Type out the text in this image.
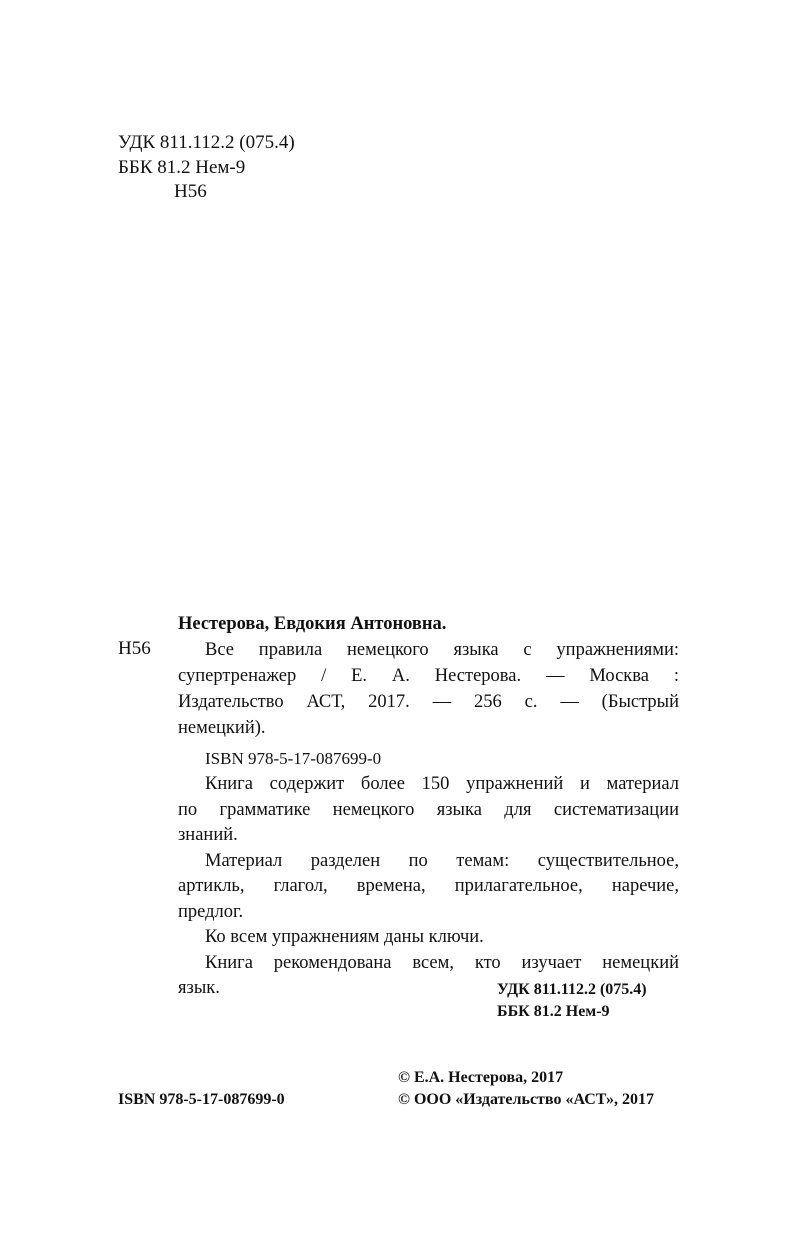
УДК 811.112.2 (075.4)
ББК 81.2 Нем-9
Н56
Нестерова, Евдокия Антоновна.
Н56	Все правила немецкого языка с упражнениями:
супертренажер / Е. А. Нестерова. — Москва :
Издательство АСТ, 2017. — 256 с. — (Быстрый
немецкий).
ISBN 978-5-17-087699-0
Книга содержит более 150 упражнений и материал
по грамматике немецкого языка для систематизации
знаний.
Материал разделен по темам: существительное,
артикль, глагол, времена, прилагательное, наречие,
предлог.
Ко всем упражнениям даны ключи.
Книга рекомендована всем, кто изучает немецкий
язык.	УДК 811.112.2 (075.4)
ББК 81.2 Нем-9
ISBN 978-5-17-087699-0
© Е.А. Нестерова, 2017
© ООО «Издательство «АСТ», 2017
